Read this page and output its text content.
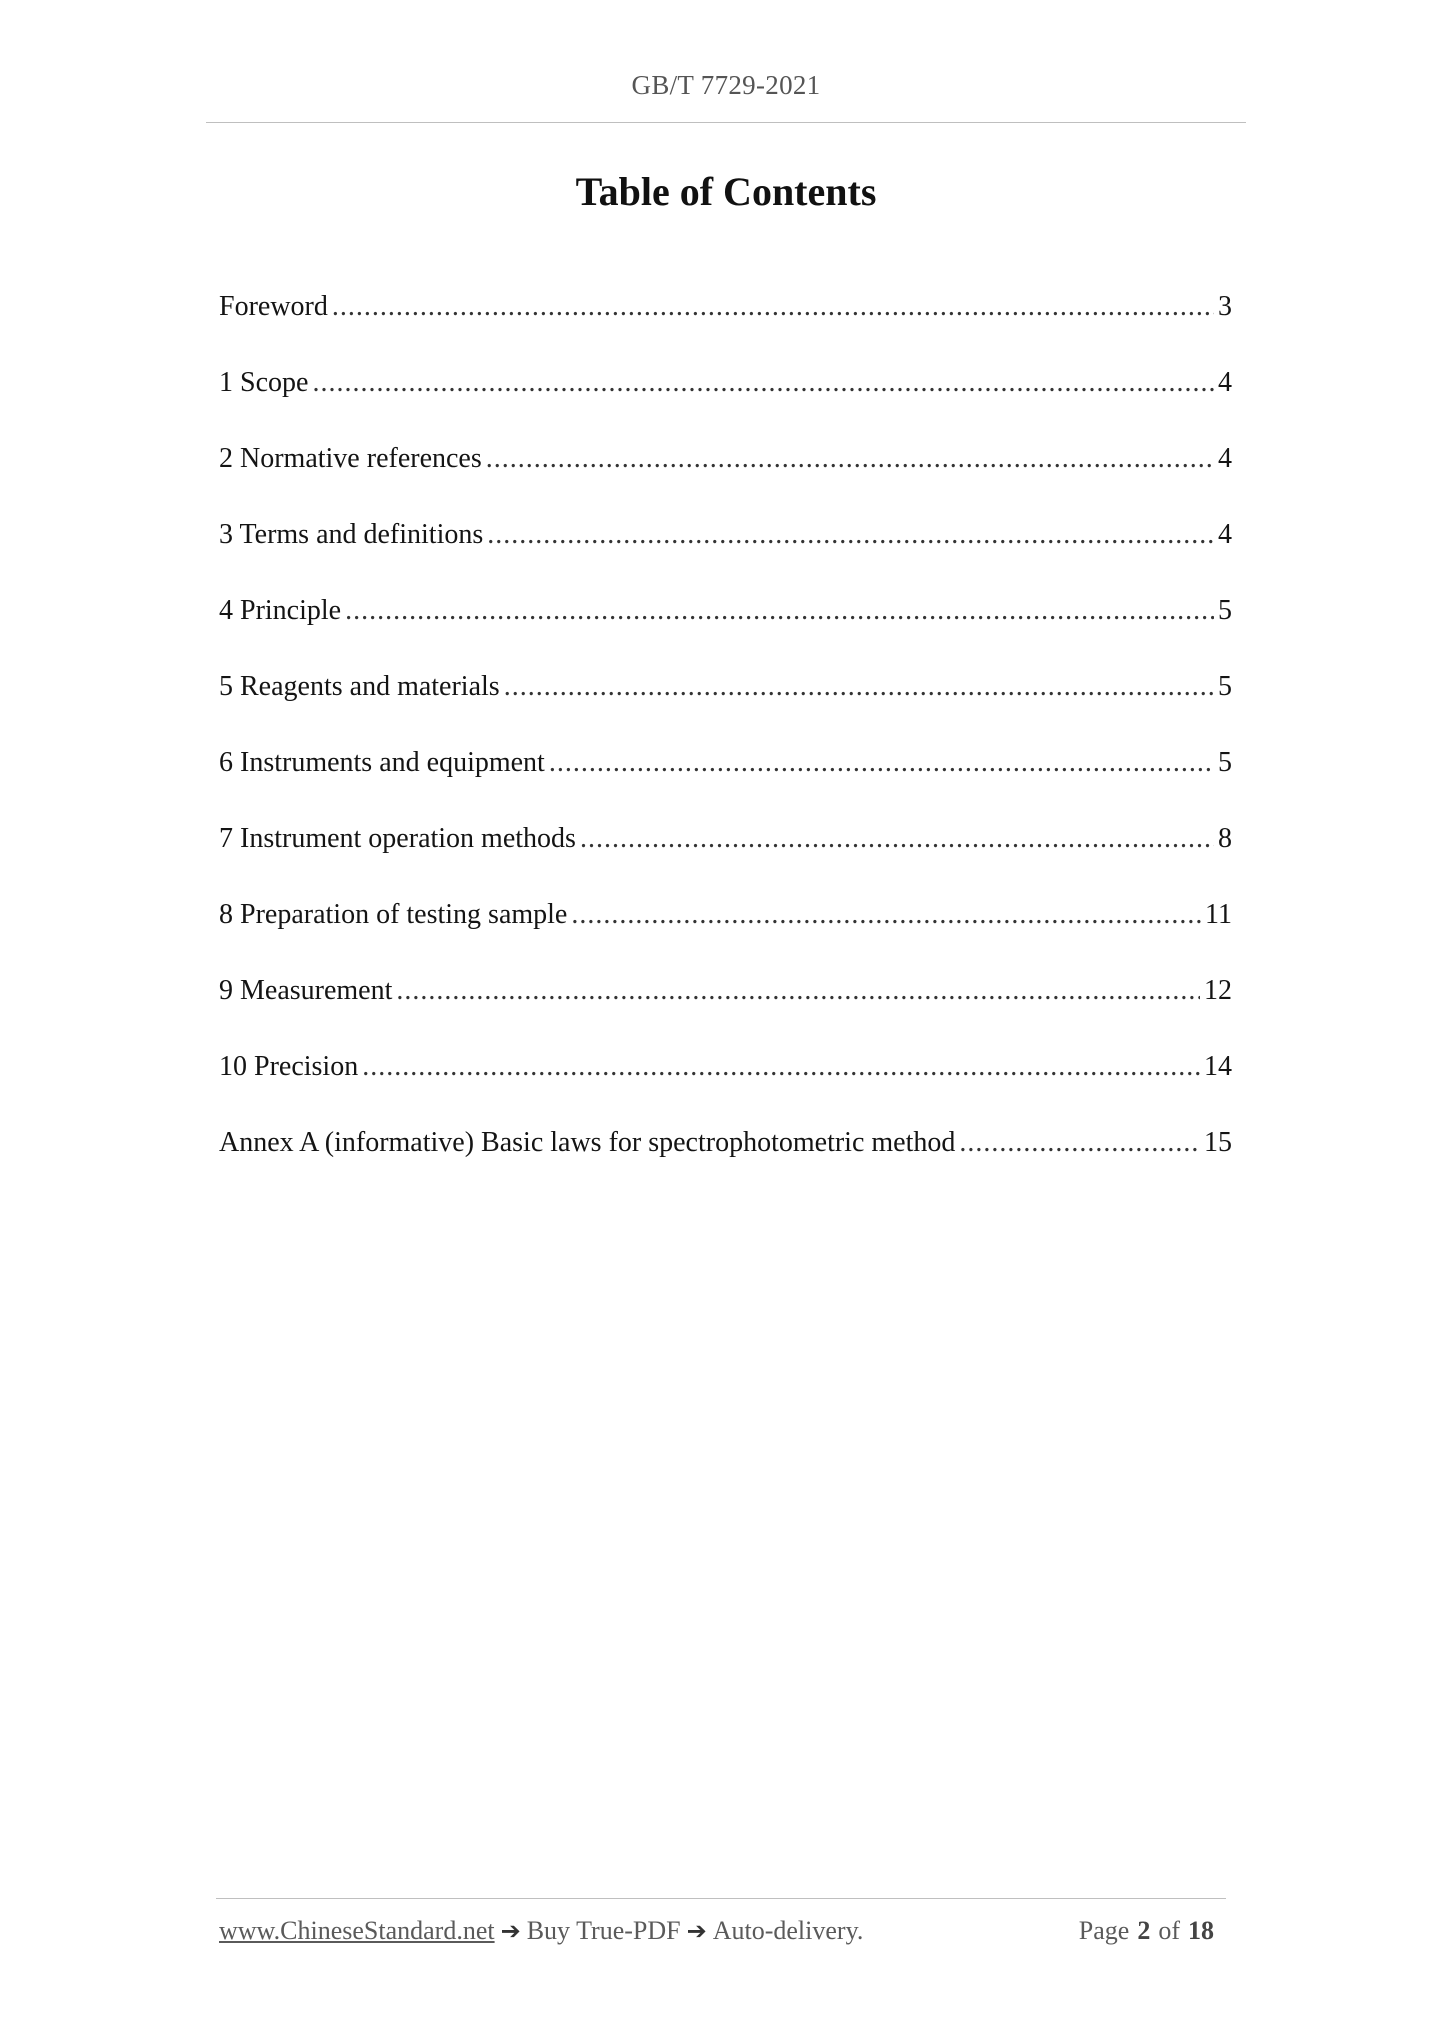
GB/T 7729-2021
Table of Contents
Foreword .....	3
1 Scope .....	4
2 Normative references .....	4
3 Terms and definitions .....	4
4 Principle .....	5
5 Reagents and materials .....	5
6 Instruments and equipment .....	5
7 Instrument operation methods .....	8
8 Preparation of testing sample .....	11
9 Measurement .....	12
10 Precision .....	14
Annex A (informative) Basic laws for spectrophotometric method .....	15
www.ChineseStandard.net ➔ Buy True-PDF ➔ Auto-delivery.	Page 2 of 18
